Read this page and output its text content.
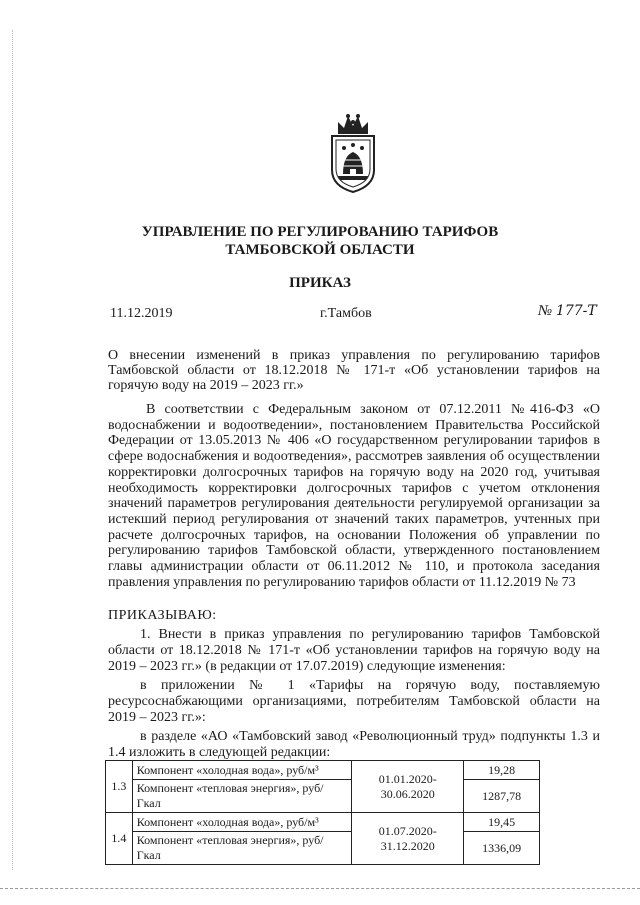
УПРАВЛЕНИЕ ПО РЕГУЛИРОВАНИЮ ТАРИФОВ
ТАМБОВСКОЙ ОБЛАСТИ
ПРИКАЗ
11.12.2019	г.Тамбов	№ 177-Т
О внесении изменений в приказ управления по регулированию тарифов Тамбовской области от 18.12.2018 № 171-т «Об установлении тарифов на горячую воду на 2019 – 2023 гг.»
В соответствии с Федеральным законом от 07.12.2011 №416-ФЗ «О водоснабжении и водоотведении», постановлением Правительства Российской Федерации от 13.05.2013 № 406 «О государственном регулировании тарифов в сфере водоснабжения и водоотведения», рассмотрев заявления об осуществлении корректировки долгосрочных тарифов на горячую воду на 2020 год, учитывая необходимость корректировки долгосрочных тарифов с учетом отклонения значений параметров регулирования деятельности регулируемой организации за истекший период регулирования от значений таких параметров, учтенных при расчете долгосрочных тарифов, на основании Положения об управлении по регулированию тарифов Тамбовской области, утвержденного постановлением главы администрации области от 06.11.2012 № 110, и протокола заседания правления управления по регулированию тарифов области от 11.12.2019 № 73
ПРИКАЗЫВАЮ:
1. Внести в приказ управления по регулированию тарифов Тамбовской области от 18.12.2018 № 171-т «Об установлении тарифов на горячую воду на 2019 – 2023 гг.» (в редакции от 17.07.2019) следующие изменения:
в приложении № 1 «Тарифы на горячую воду, поставляемую ресурсоснабжающими организациями, потребителям Тамбовской области на 2019 – 2023 гг.»:
в разделе «АО «Тамбовский завод «Революционный труд» подпункты 1.3 и 1.4 изложить в следующей редакции:
1.3	Компонент «холодная вода», руб/м³	01.01.2020-30.06.2020	19,28
	Компонент «тепловая энергия», руб/Гкал		1287,78
1.4	Компонент «холодная вода», руб/м³	01.07.2020-31.12.2020	19,45
	Компонент «тепловая энергия», руб/Гкал		1336,09
